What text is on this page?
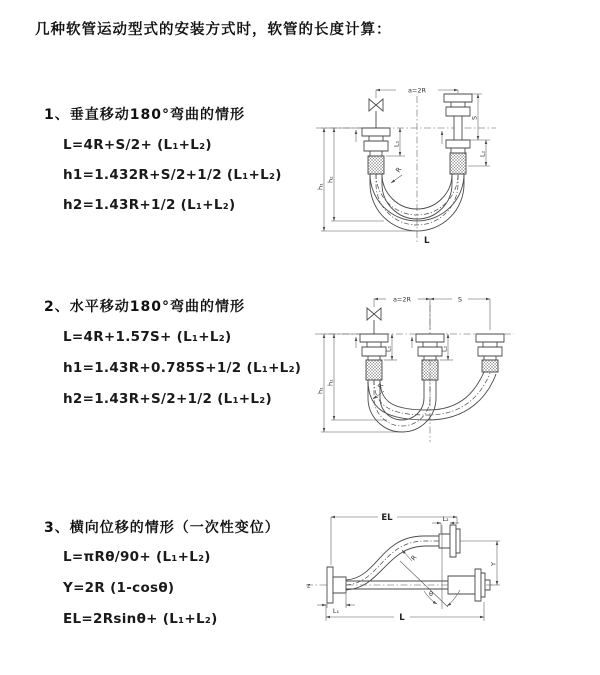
几种软管运动型式的安装方式时，软管的长度计算：
1、垂直移动180°弯曲的情形
L=4R+S/2+ (L₁+L₂)
h1=1.432R+S/2+1/2 (L₁+L₂)
h2=1.43R+1/2 (L₁+L₂)
2、水平移动180°弯曲的情形
L=4R+1.57S+ (L₁+L₂)
h1=1.43R+0.785S+1/2 (L₁+L₂)
h2=1.43R+S/2+1/2 (L₁+L₂)
3、横向位移的情形（一次性变位）
L=πRθ/90+ (L₁+L₂)
Y=2R (1-cosθ)
EL=2Rsinθ+ (L₁+L₂)
a=2R
h₁
h₂
L₁
S
L₂
R
L
a=2R	S
h₁
h₂
L₁	L₂
R
z
EL	L₂
Y
θ
R
L₁
L
